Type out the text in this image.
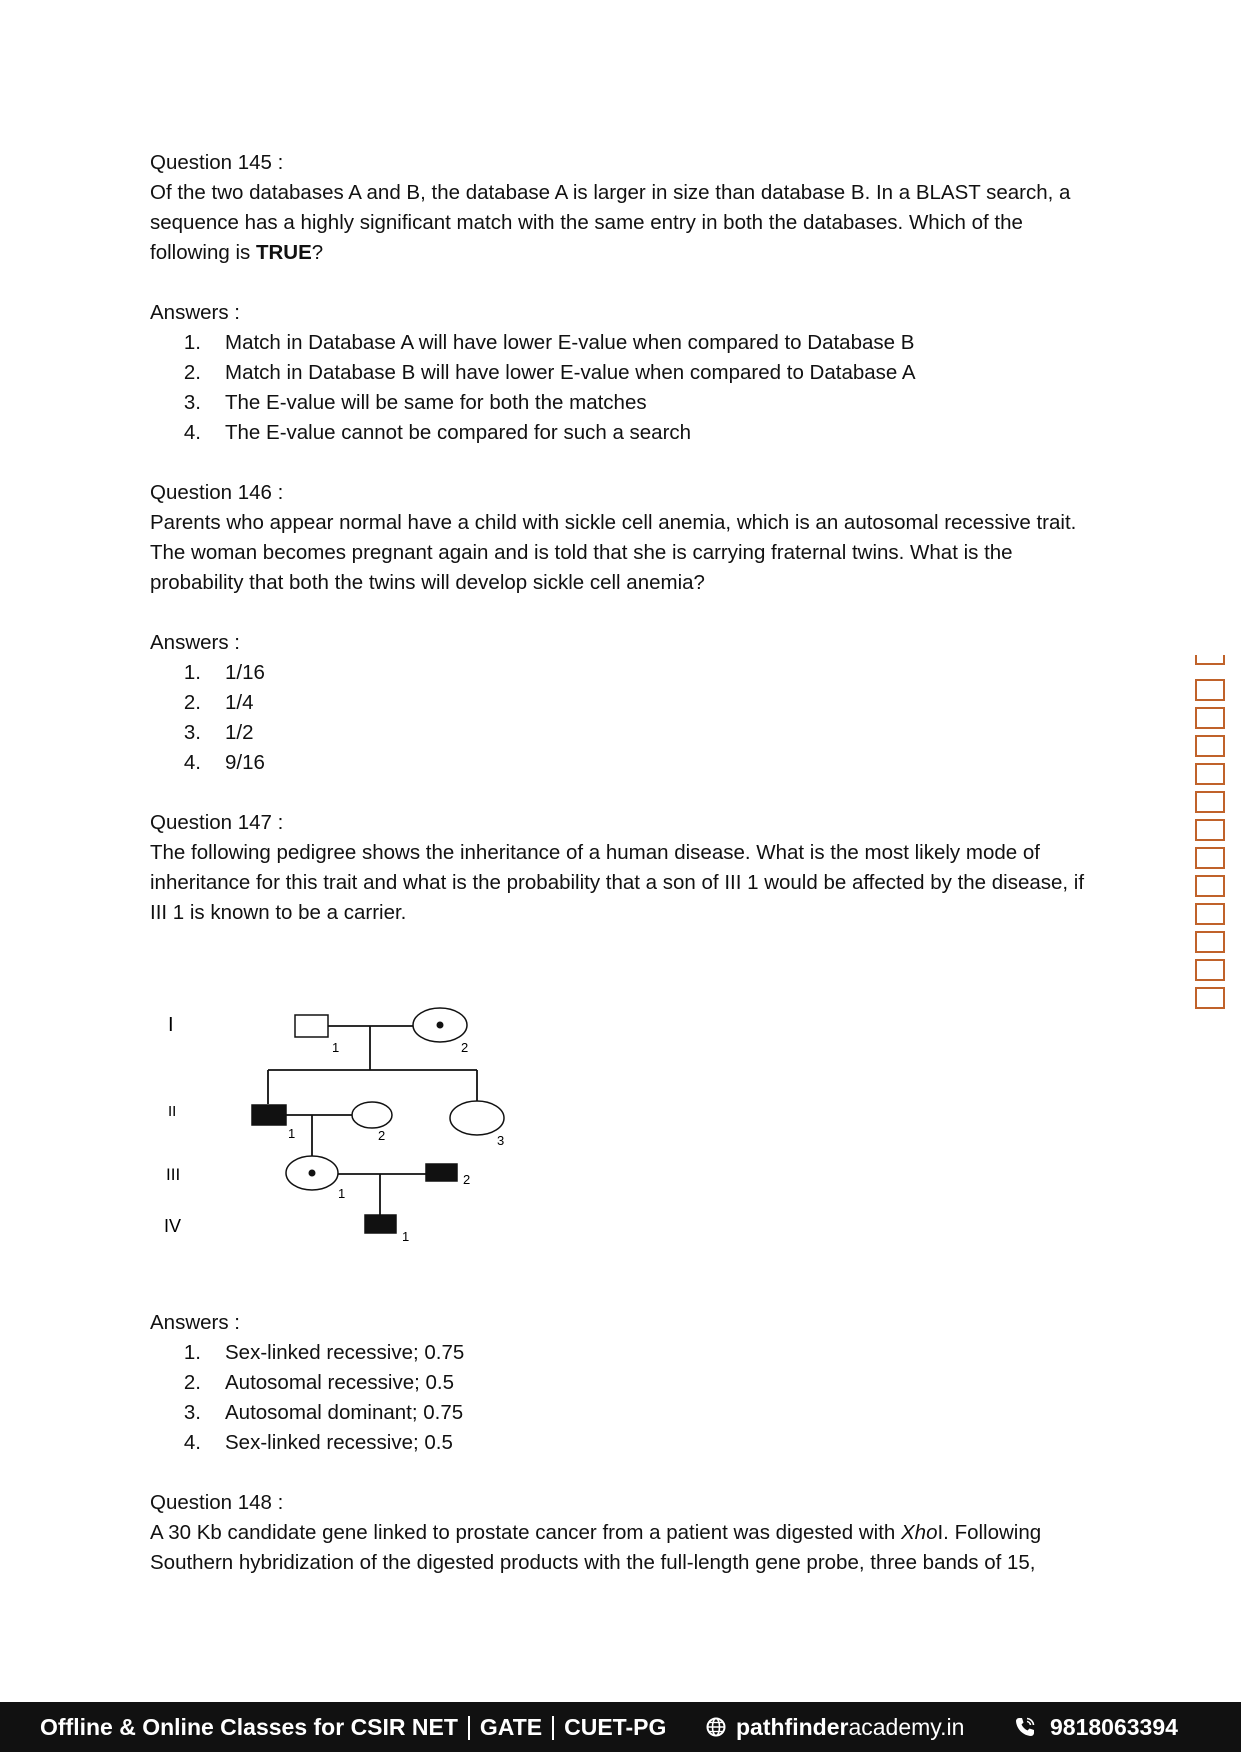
Question 145 :

Of the two databases A and B, the database A is larger in size than database B. In a BLAST search, a sequence has a highly significant match with the same entry in both the databases. Which of the following is TRUE?

Answers :

1.	Match in Database A will have lower E-value when compared to Database B
2.	Match in Database B will have lower E-value when compared to Database A
3.	The E-value will be same for both the matches
4.	The E-value cannot be compared for such a search

Question 146 :

Parents who appear normal have a child with sickle cell anemia, which is an autosomal recessive trait. The woman becomes pregnant again and is told that she is carrying fraternal twins. What is the probability that both the twins will develop sickle cell anemia?

Answers :

1.	1/16
2.	1/4
3.	1/2
4.	9/16

Question 147 :

The following pedigree shows the inheritance of a human disease. What is the most likely mode of inheritance for this trait and what is the probability that a son of III 1 would be affected by the disease, if III 1 is known to be a carrier.

I
II
III
IV
1	2
1	2	3
1
2
1

Answers :

1.	Sex-linked recessive; 0.75
2.	Autosomal recessive; 0.5
3.	Autosomal dominant; 0.75
4.	Sex-linked recessive; 0.5

Question 148 :

A 30 Kb candidate gene linked to prostate cancer from a patient was digested with XhoI. Following Southern hybridization of the digested products with the full-length gene probe, three bands of 15,

Offline & Online Classes for CSIR NET GATE CUET-PG	pathfinder academy.in	9818063394
